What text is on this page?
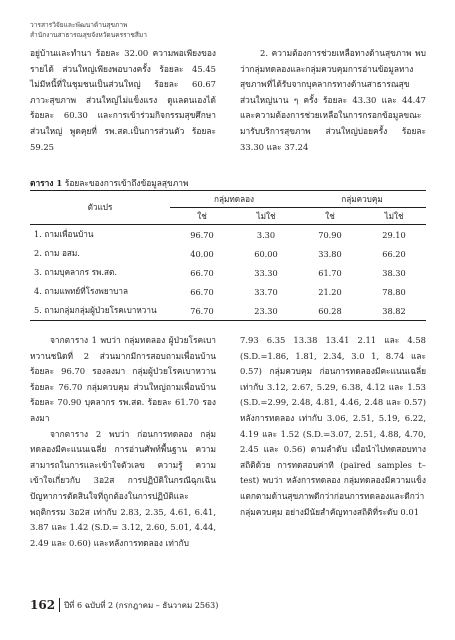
วารสารวิจัยและพัฒนาด้านสุขภาพ
สำนักงานสาธารณสุขจังหวัดนครราชสีมา

อยู่บ้านและทำนา ร้อยละ 32.00 ความพอเพียงของรายได้ ส่วนใหญ่เพียงพอบางครั้ง ร้อยละ 45.45 ไม่มีหนี้ที่ในชุมชนเป็นส่วนใหญ่ ร้อยละ 60.67 ภาวะสุขภาพ ส่วนใหญ่ไม่แข็งแรง ดูแลตนเองได้ ร้อยละ 60.30 และการเข้าร่วมกิจกรรมสุขศึกษา ส่วนใหญ่ พูดคุยที่ รพ.สต.เป็นการส่วนตัว ร้อยละ 59.25

2. ความต้องการช่วยเหลือทางด้านสุขภาพ พบว่ากลุ่มทดลองและกลุ่มควบคุมการอ่านข้อมูลทางสุขภาพที่ได้รับจากบุคลากรทางด้านสาธารณสุข ส่วนใหญ่นาน ๆ ครั้ง ร้อยละ 43.30 และ 44.47 และความต้องการช่วยเหลือในการกรอกข้อมูลขณะมารับบริการสุขภาพ ส่วนใหญ่บ่อยครั้ง ร้อยละ 33.30 และ 37.24

ตาราง 1 ร้อยละของการเข้าถึงข้อมูลสุขภาพ
ตัวแปร	กลุ่มทดลอง		กลุ่มควบคุม	
	ใช่	ไม่ใช่	ใช่	ไม่ใช่
1. ถามเพื่อนบ้าน	96.70	3.30	70.90	29.10
2. ถาม อสม.	40.00	60.00	33.80	66.20
3. ถามบุคลากร รพ.สต.	66.70	33.30	61.70	38.30
4. ถามแพทย์ที่โรงพยาบาล	66.70	33.70	21.20	78.80
5. ถามกลุ่มกลุ่มผู้ป่วยโรคเบาหวาน	76.70	23.30	60.28	38.82

จากตาราง 1 พบว่า กลุ่มทดลอง ผู้ป่วยโรคเบาหวานชนิดที่ 2 ส่วนมากมีการสอบถามเพื่อนบ้าน ร้อยละ 96.70 รองลงมา กลุ่มผู้ป่วยโรคเบาหวาน ร้อยละ 76.70 กลุ่มควบคุม ส่วนใหญ่ถามเพื่อนบ้าน ร้อยละ 70.90 บุคลากร รพ.สต. ร้อยละ 61.70 รองลงมา

จากตาราง 2 พบว่า ก่อนการทดลอง กลุ่มทดลองมีคะแนนเฉลี่ย การอ่านศัพท์พื้นฐาน ความสามารถในการและเข้าใจตัวเลข ความรู้ ความเข้าใจเกี่ยวกับ 3อ2ส การปฏิบัติในกรณีฉุกเฉินปัญหาการตัดสินใจที่ถูกต้องในการปฏิบัติและพฤติกรรม 3อ2ส เท่ากับ 2.83, 2.35, 4.61, 6.41, 3.87 และ 1.42 (S.D.= 3.12, 2.60, 5.01, 4.44, 2.49 และ 0.60) และหลังการทดลอง เท่ากับ

7.93 6.35 13.38 13.41 2.11 และ 4.58 (S.D.=1.86, 1.81, 2.34, 3.0 1, 8.74 และ 0.57) กลุ่มควบคุม ก่อนการทดลองมีคะแนนเฉลี่ยเท่ากับ 3.12, 2.67, 5.29, 6.38, 4.12 และ 1.53 (S.D.=2.99, 2.48, 4.81, 4.46, 2.48 และ 0.57) หลังการทดลอง เท่ากับ 3.06, 2.51, 5.19, 6.22, 4.19 และ 1.52 (S.D.=3.07, 2.51, 4.88, 4.70, 2.45 และ 0.56) ตามลำดับ เมื่อนำไปทดสอบทางสถิติด้วย การทดสอบค่าที (paired samples t–test) พบว่า หลังการทดลอง กลุ่มทดลองมีความแข็งแตกตามด้านสุขภาพดีกว่าก่อนการทดลองและดีกว่ากลุ่มควบคุม อย่างมีนัยสำคัญทางสถิติที่ระดับ 0.01

162	ปีที่ 6 ฉบับที่ 2 (กรกฎาคม – ธันวาคม 2563)
